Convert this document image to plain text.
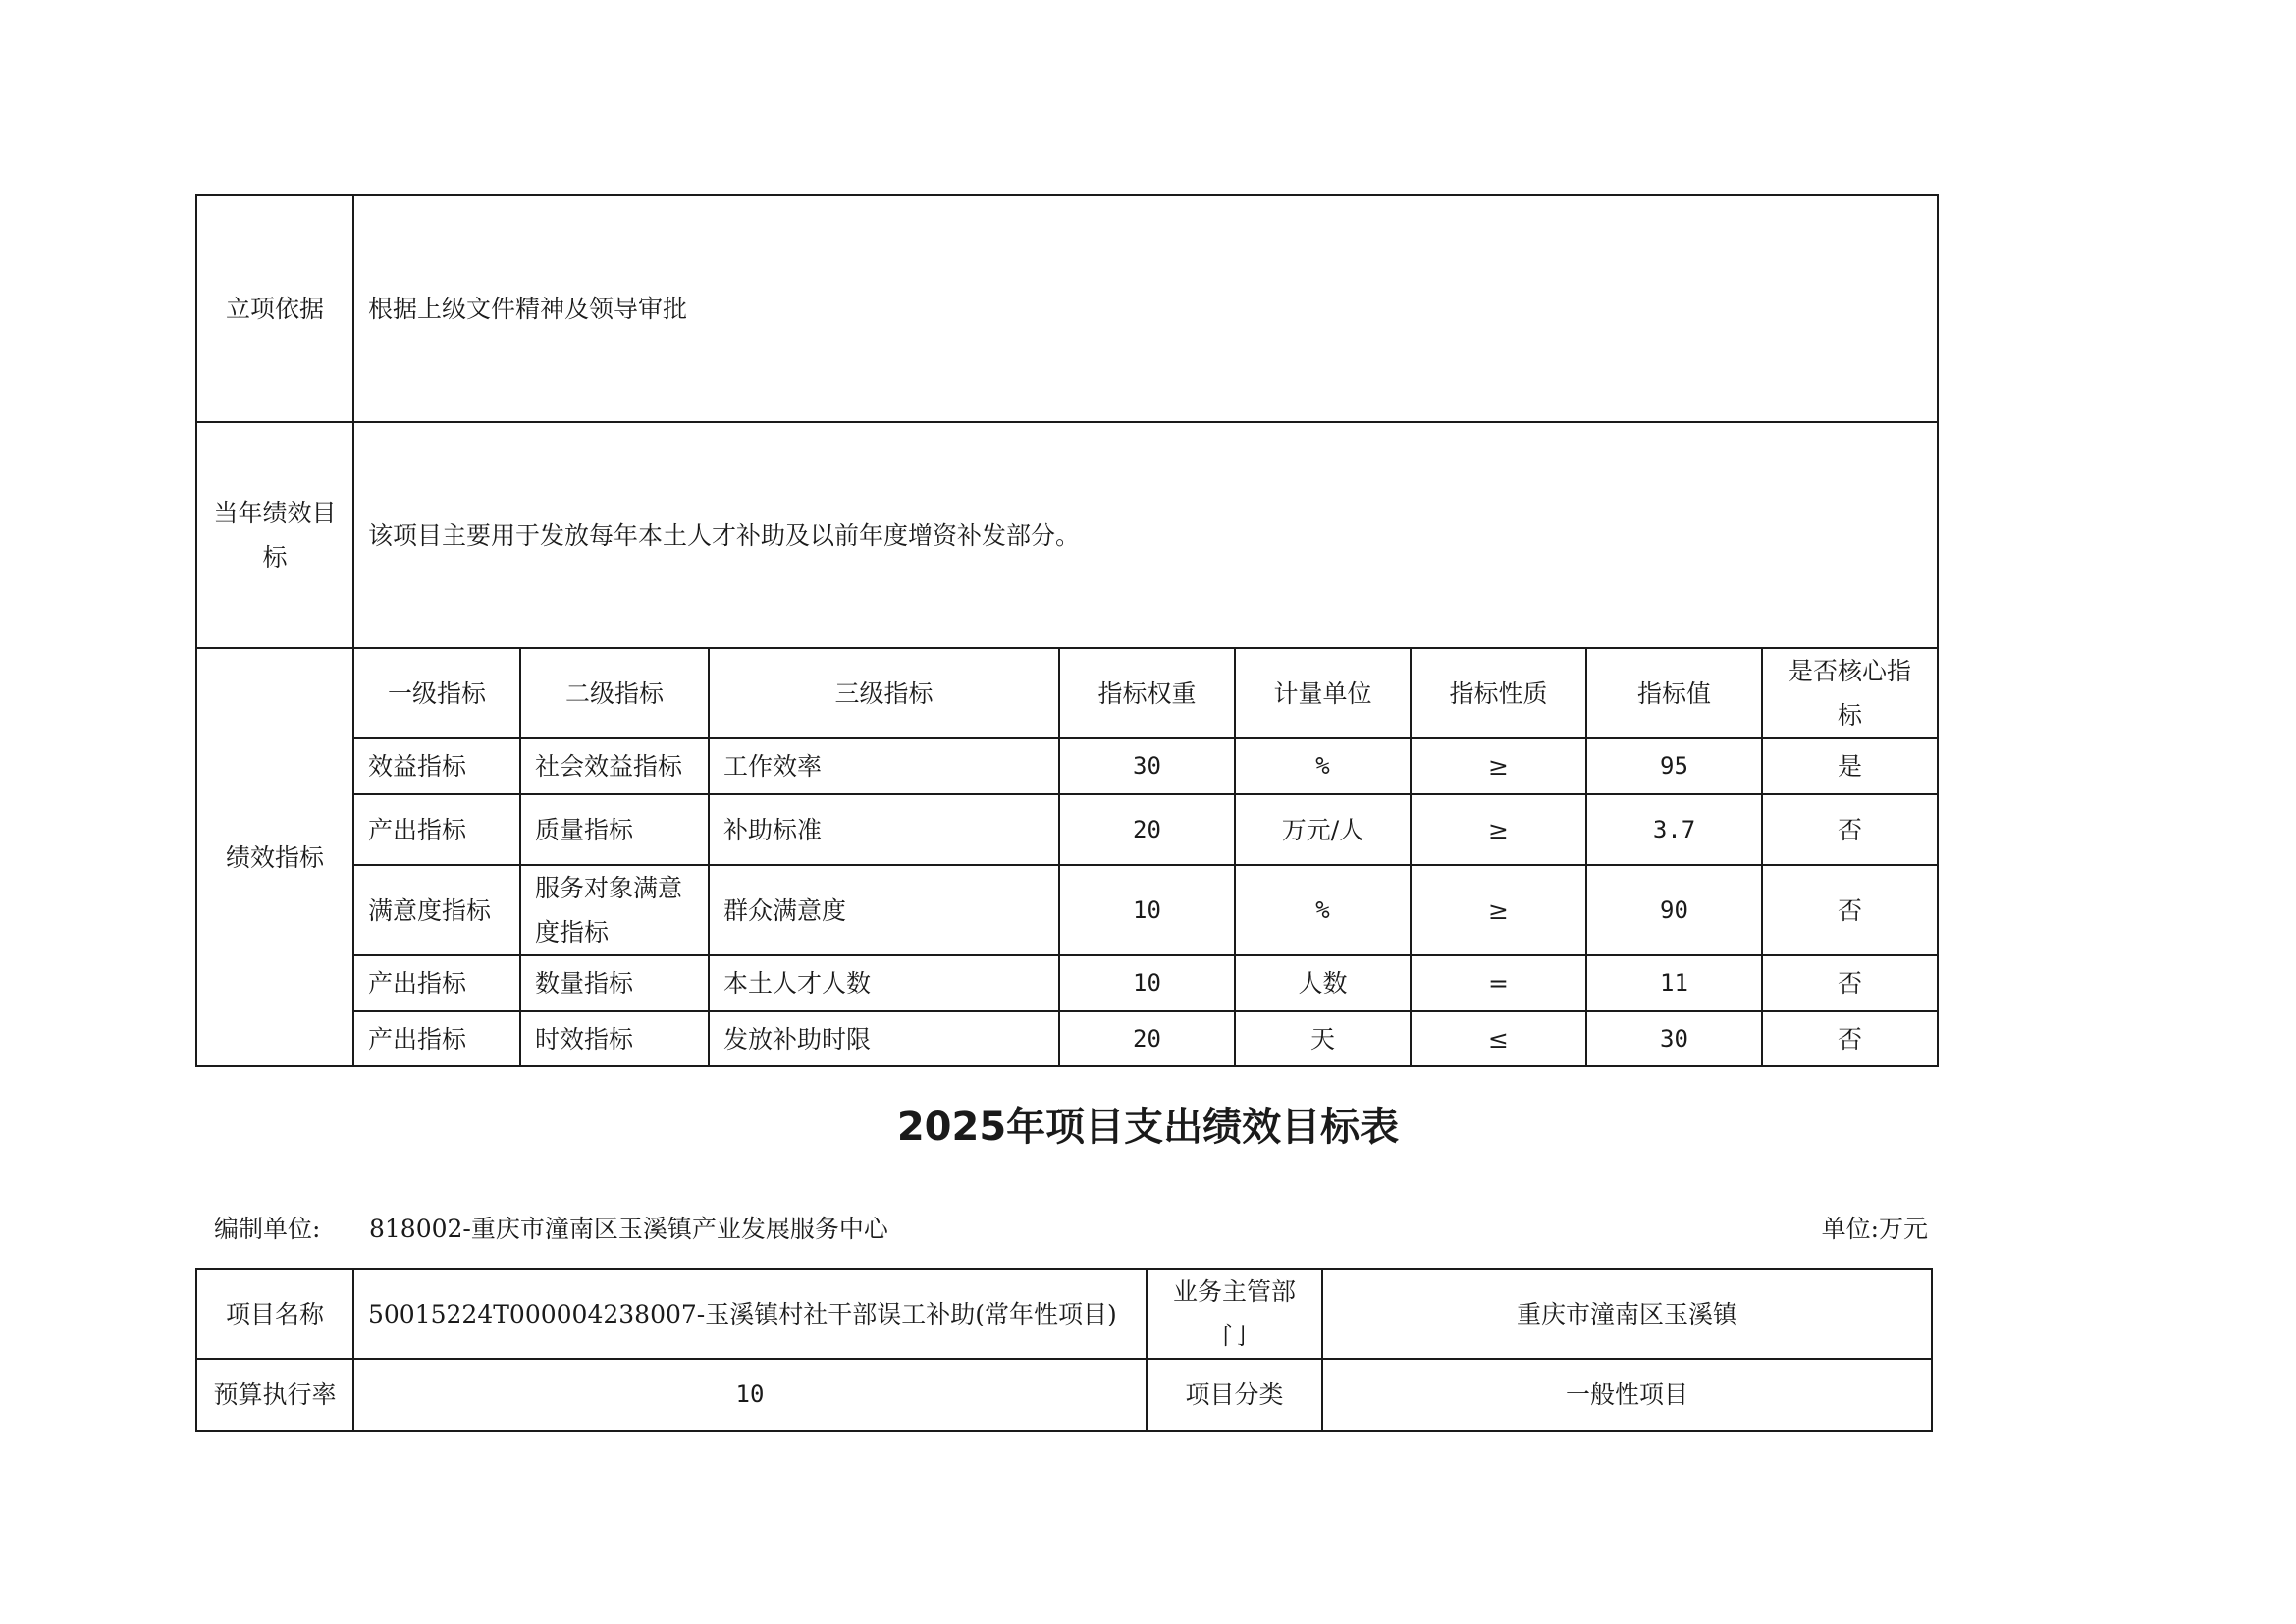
立项依据	根据上级文件精神及领导审批							
当年绩效目标	该项目主要用于发放每年本土人才补助及以前年度增资补发部分。							
绩效指标	一级指标	二级指标	三级指标	指标权重	计量单位	指标性质	指标值	是否核心指标
	效益指标	社会效益指标	工作效率	30	%	≥	95	是
	产出指标	质量指标	补助标准	20	万元/人	≥	3.7	否
	满意度指标	服务对象满意度指标	群众满意度	10	%	≥	90	否
	产出指标	数量指标	本土人才人数	10	人数	=	11	否
	产出指标	时效指标	发放补助时限	20	天	≤	30	否
2025年项目支出绩效目标表
编制单位: 818002-重庆市潼南区玉溪镇产业发展服务中心	单位:万元
项目名称	50015224T000004238007-玉溪镇村社干部误工补助(常年性项目)	业务主管部门	重庆市潼南区玉溪镇
预算执行率	10	项目分类	一般性项目
